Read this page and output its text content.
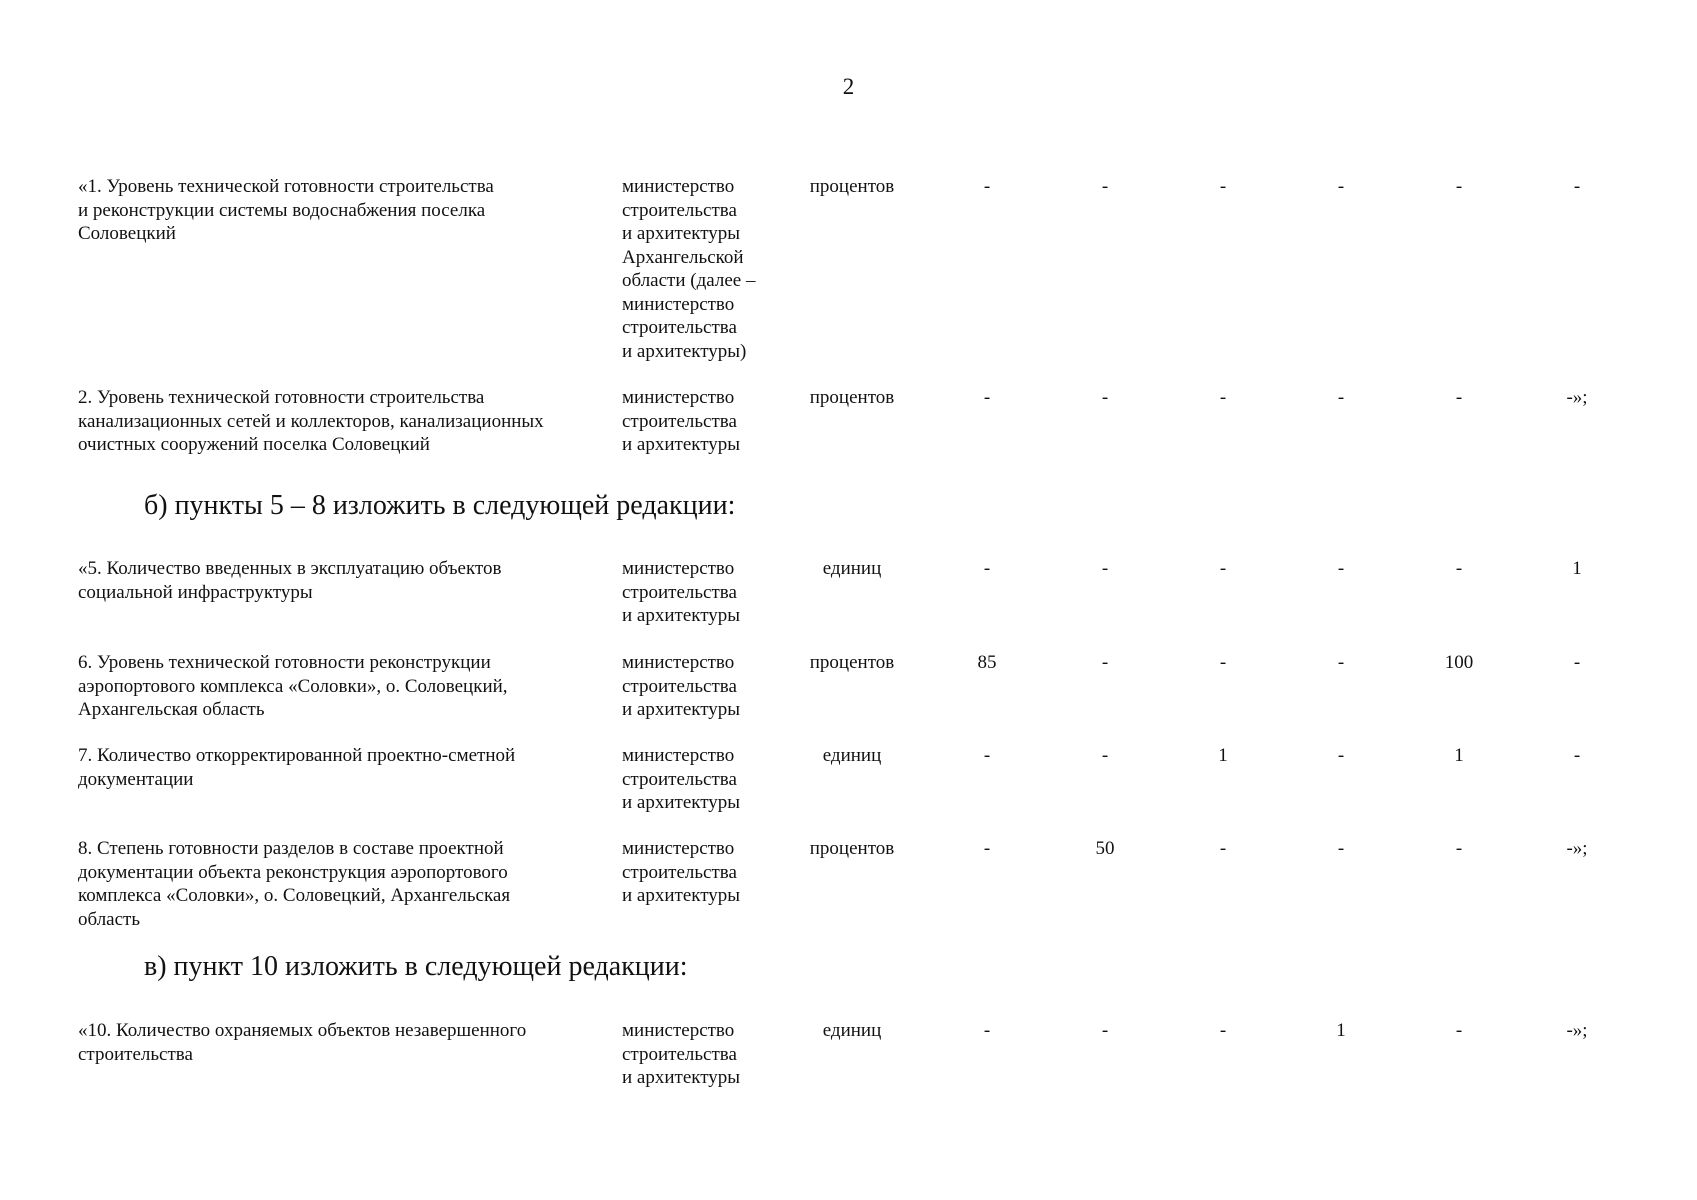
2
«1. Уровень технической готовности строительства
и реконструкции системы водоснабжения поселка
Соловецкий
министерство
строительства
и архитектуры
Архангельской
области (далее –
министерство
строительства
и архитектуры)
процентов	-	-	-	-	-	-
2. Уровень технической готовности строительства
канализационных сетей и коллекторов, канализационных
очистных сооружений поселка Соловецкий
министерство
строительства
и архитектуры
процентов	-	-	-	-	-	-»;
б) пункты 5 – 8 изложить в следующей редакции:
«5. Количество введенных в эксплуатацию объектов
социальной инфраструктуры
министерство
строительства
и архитектуры
единиц	-	-	-	-	-	1
6. Уровень технической готовности реконструкции
аэропортового комплекса «Соловки», о. Соловецкий,
Архангельская область
министерство
строительства
и архитектуры
процентов	85	-	-	-	100	-
7. Количество откорректированной проектно-сметной
документации
министерство
строительства
и архитектуры
единиц	-	-	1	-	1	-
8. Степень готовности разделов в составе проектной
документации объекта реконструкция аэропортового
комплекса «Соловки», о. Соловецкий, Архангельская
область
министерство
строительства
и архитектуры
процентов	-	50	-	-	-	-»;
в) пункт 10 изложить в следующей редакции:
«10. Количество охраняемых объектов незавершенного
строительства
министерство
строительства
и архитектуры
единиц	-	-	-	1	-	-»;
